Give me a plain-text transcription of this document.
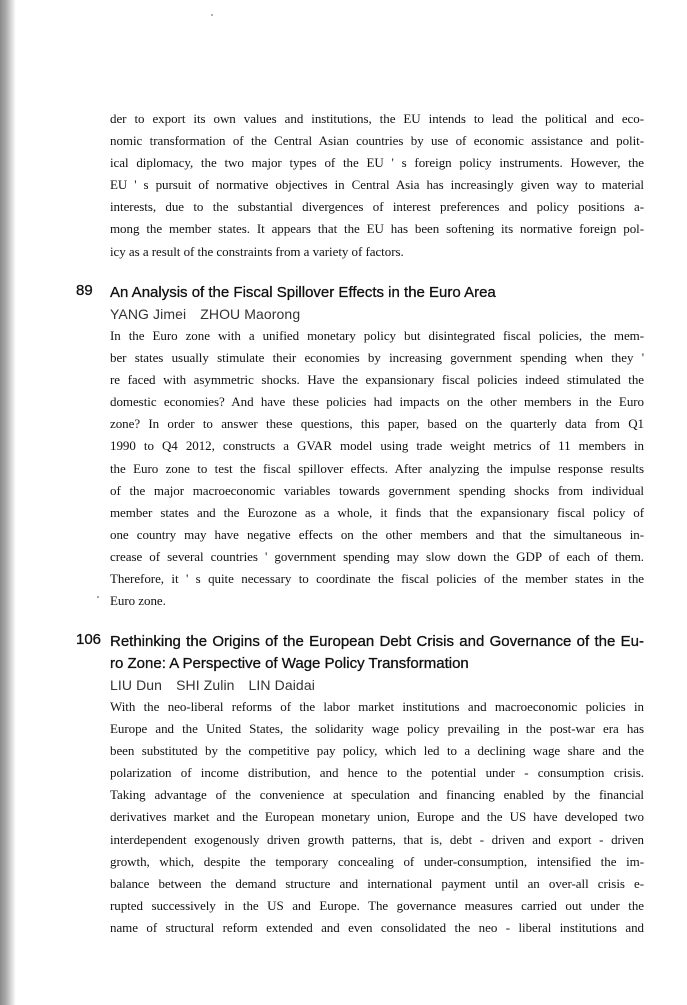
der to export its own values and institutions, the EU intends to lead the political and eco-
nomic transformation of the Central Asian countries by use of economic assistance and polit-
ical diplomacy, the two major types of the EU ' s foreign policy instruments. However, the
EU ' s pursuit of normative objectives in Central Asia has increasingly given way to material
interests, due to the substantial divergences of interest preferences and policy positions a-
mong the member states. It appears that the EU has been softening its normative foreign pol-
icy as a result of the constraints from a variety of factors.
89 An Analysis of the Fiscal Spillover Effects in the Euro Area
YANG Jimei ZHOU Maorong
In the Euro zone with a unified monetary policy but disintegrated fiscal policies, the mem-
ber states usually stimulate their economies by increasing government spending when they '
re faced with asymmetric shocks. Have the expansionary fiscal policies indeed stimulated the
domestic economies? And have these policies had impacts on the other members in the Euro
zone? In order to answer these questions, this paper, based on the quarterly data from Q1
1990 to Q4 2012, constructs a GVAR model using trade weight metrics of 11 members in
the Euro zone to test the fiscal spillover effects. After analyzing the impulse response results
of the major macroeconomic variables towards government spending shocks from individual
member states and the Eurozone as a whole, it finds that the expansionary fiscal policy of
one country may have negative effects on the other members and that the simultaneous in-
crease of several countries ' government spending may slow down the GDP of each of them.
Therefore, it ' s quite necessary to coordinate the fiscal policies of the member states in the
Euro zone.
106 Rethinking the Origins of the European Debt Crisis and Governance of the Eu-
ro Zone: A Perspective of Wage Policy Transformation
LIU Dun SHI Zulin LIN Daidai
With the neo-liberal reforms of the labor market institutions and macroeconomic policies in
Europe and the United States, the solidarity wage policy prevailing in the post-war era has
been substituted by the competitive pay policy, which led to a declining wage share and the
polarization of income distribution, and hence to the potential under - consumption crisis.
Taking advantage of the convenience at speculation and financing enabled by the financial
derivatives market and the European monetary union, Europe and the US have developed two
interdependent exogenously driven growth patterns, that is, debt - driven and export - driven
growth, which, despite the temporary concealing of under-consumption, intensified the im-
balance between the demand structure and international payment until an over-all crisis e-
rupted successively in the US and Europe. The governance measures carried out under the
name of structural reform extended and even consolidated the neo - liberal institutions and
